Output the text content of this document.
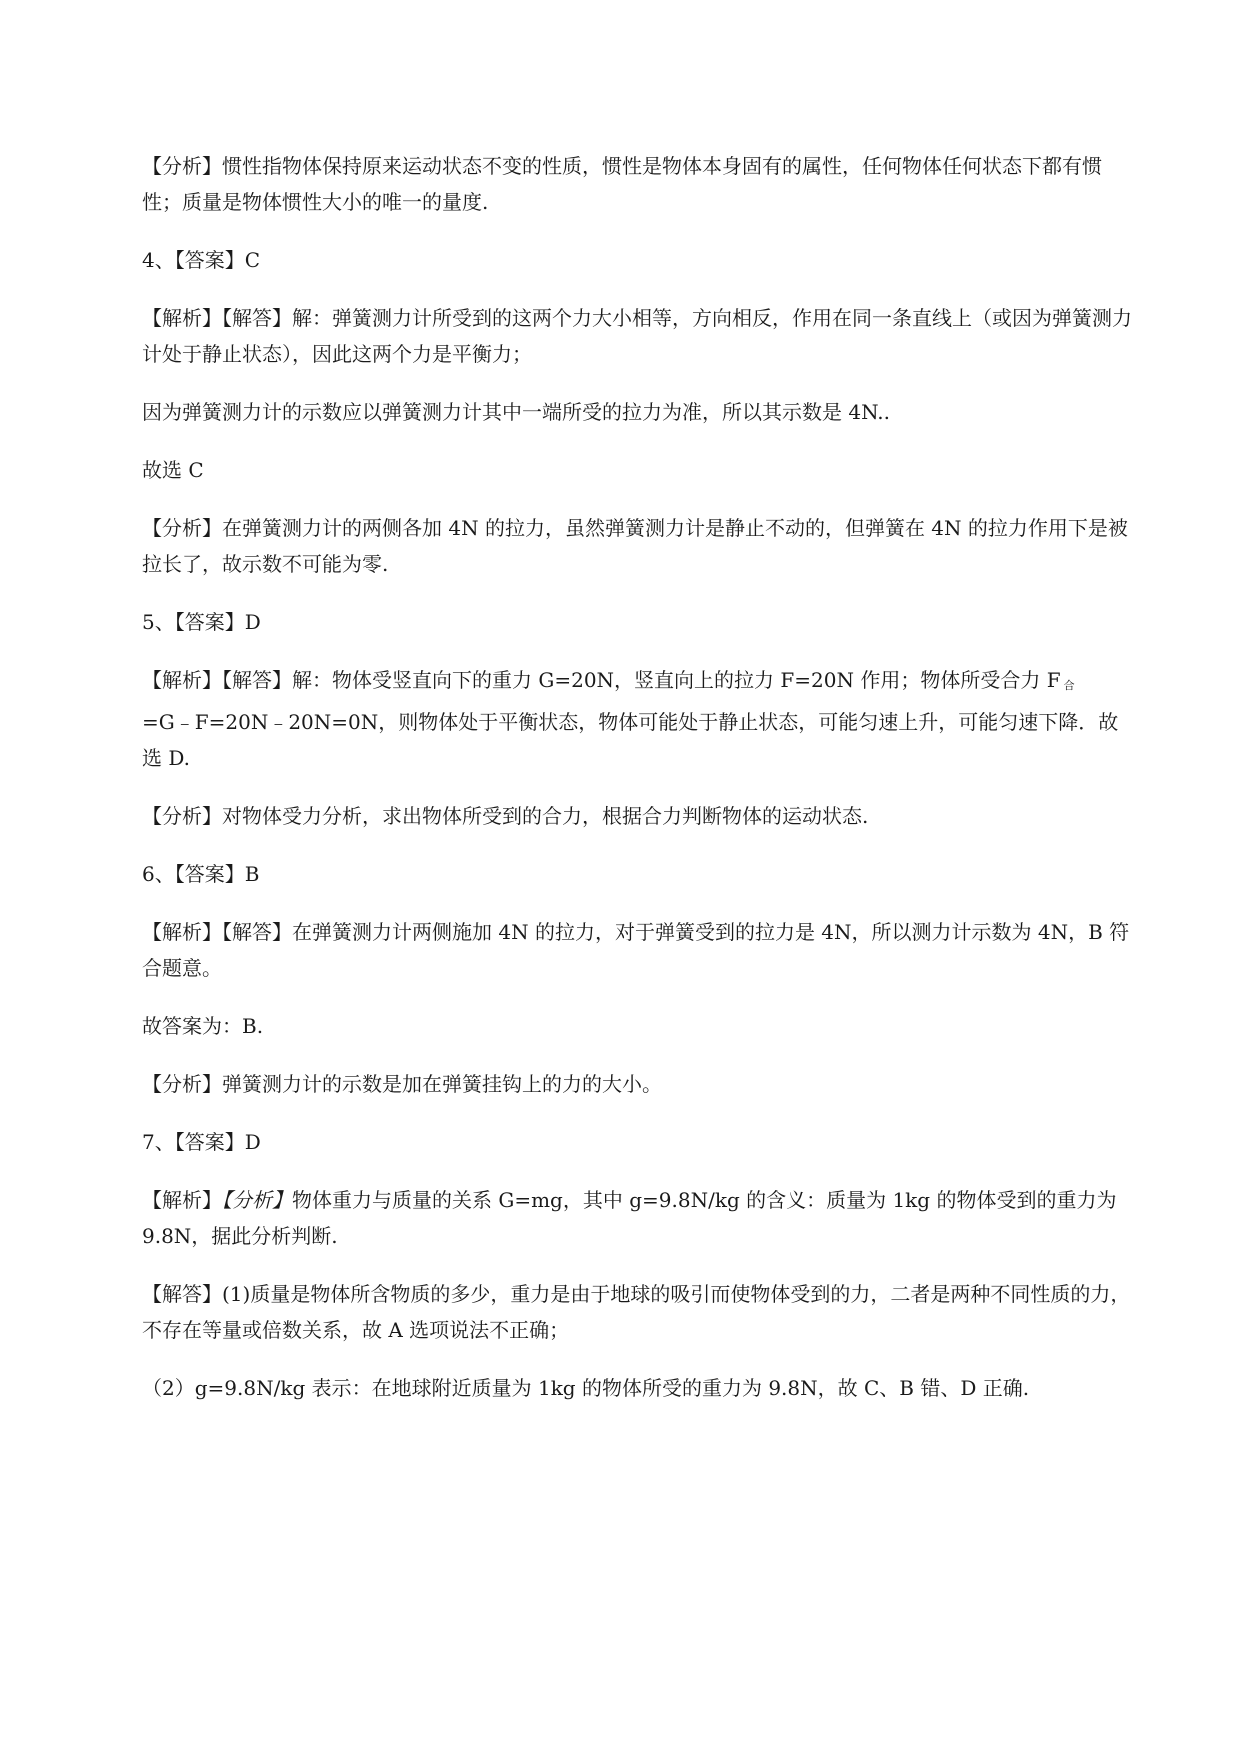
【分析】惯性指物体保持原来运动状态不变的性质，惯性是物体本身固有的属性，任何物体任何状态下都有惯性；质量是物体惯性大小的唯一的量度.

4、【答案】C

【解析】【解答】解：弹簧测力计所受到的这两个力大小相等，方向相反，作用在同一条直线上（或因为弹簧测力计处于静止状态），因此这两个力是平衡力；

因为弹簧测力计的示数应以弹簧测力计其中一端所受的拉力为准，所以其示数是 4N..

故选 C

【分析】在弹簧测力计的两侧各加 4N 的拉力，虽然弹簧测力计是静止不动的，但弹簧在 4N 的拉力作用下是被拉长了，故示数不可能为零.

5、【答案】D

【解析】【解答】解：物体受竖直向下的重力 G=20N，竖直向上的拉力 F=20N 作用；物体所受合力 F 合
=G﹣F=20N﹣20N=0N，则物体处于平衡状态，物体可能处于静止状态，可能匀速上升，可能匀速下降．故选 D.

【分析】对物体受力分析，求出物体所受到的合力，根据合力判断物体的运动状态.

6、【答案】B

【解析】【解答】在弹簧测力计两侧施加 4N 的拉力，对于弹簧受到的拉力是 4N，所以测力计示数为 4N，B 符合题意。

故答案为：B.

【分析】弹簧测力计的示数是加在弹簧挂钩上的力的大小。

7、【答案】D

【解析】【分析】物体重力与质量的关系 G=mg，其中 g=9.8N/kg 的含义：质量为 1kg 的物体受到的重力为 9.8N，据此分析判断.

【解答】(1)质量是物体所含物质的多少，重力是由于地球的吸引而使物体受到的力，二者是两种不同性质的力，不存在等量或倍数关系，故 A 选项说法不正确；

（2）g=9.8N/kg 表示：在地球附近质量为 1kg 的物体所受的重力为 9.8N，故 C、B 错、D 正确.
